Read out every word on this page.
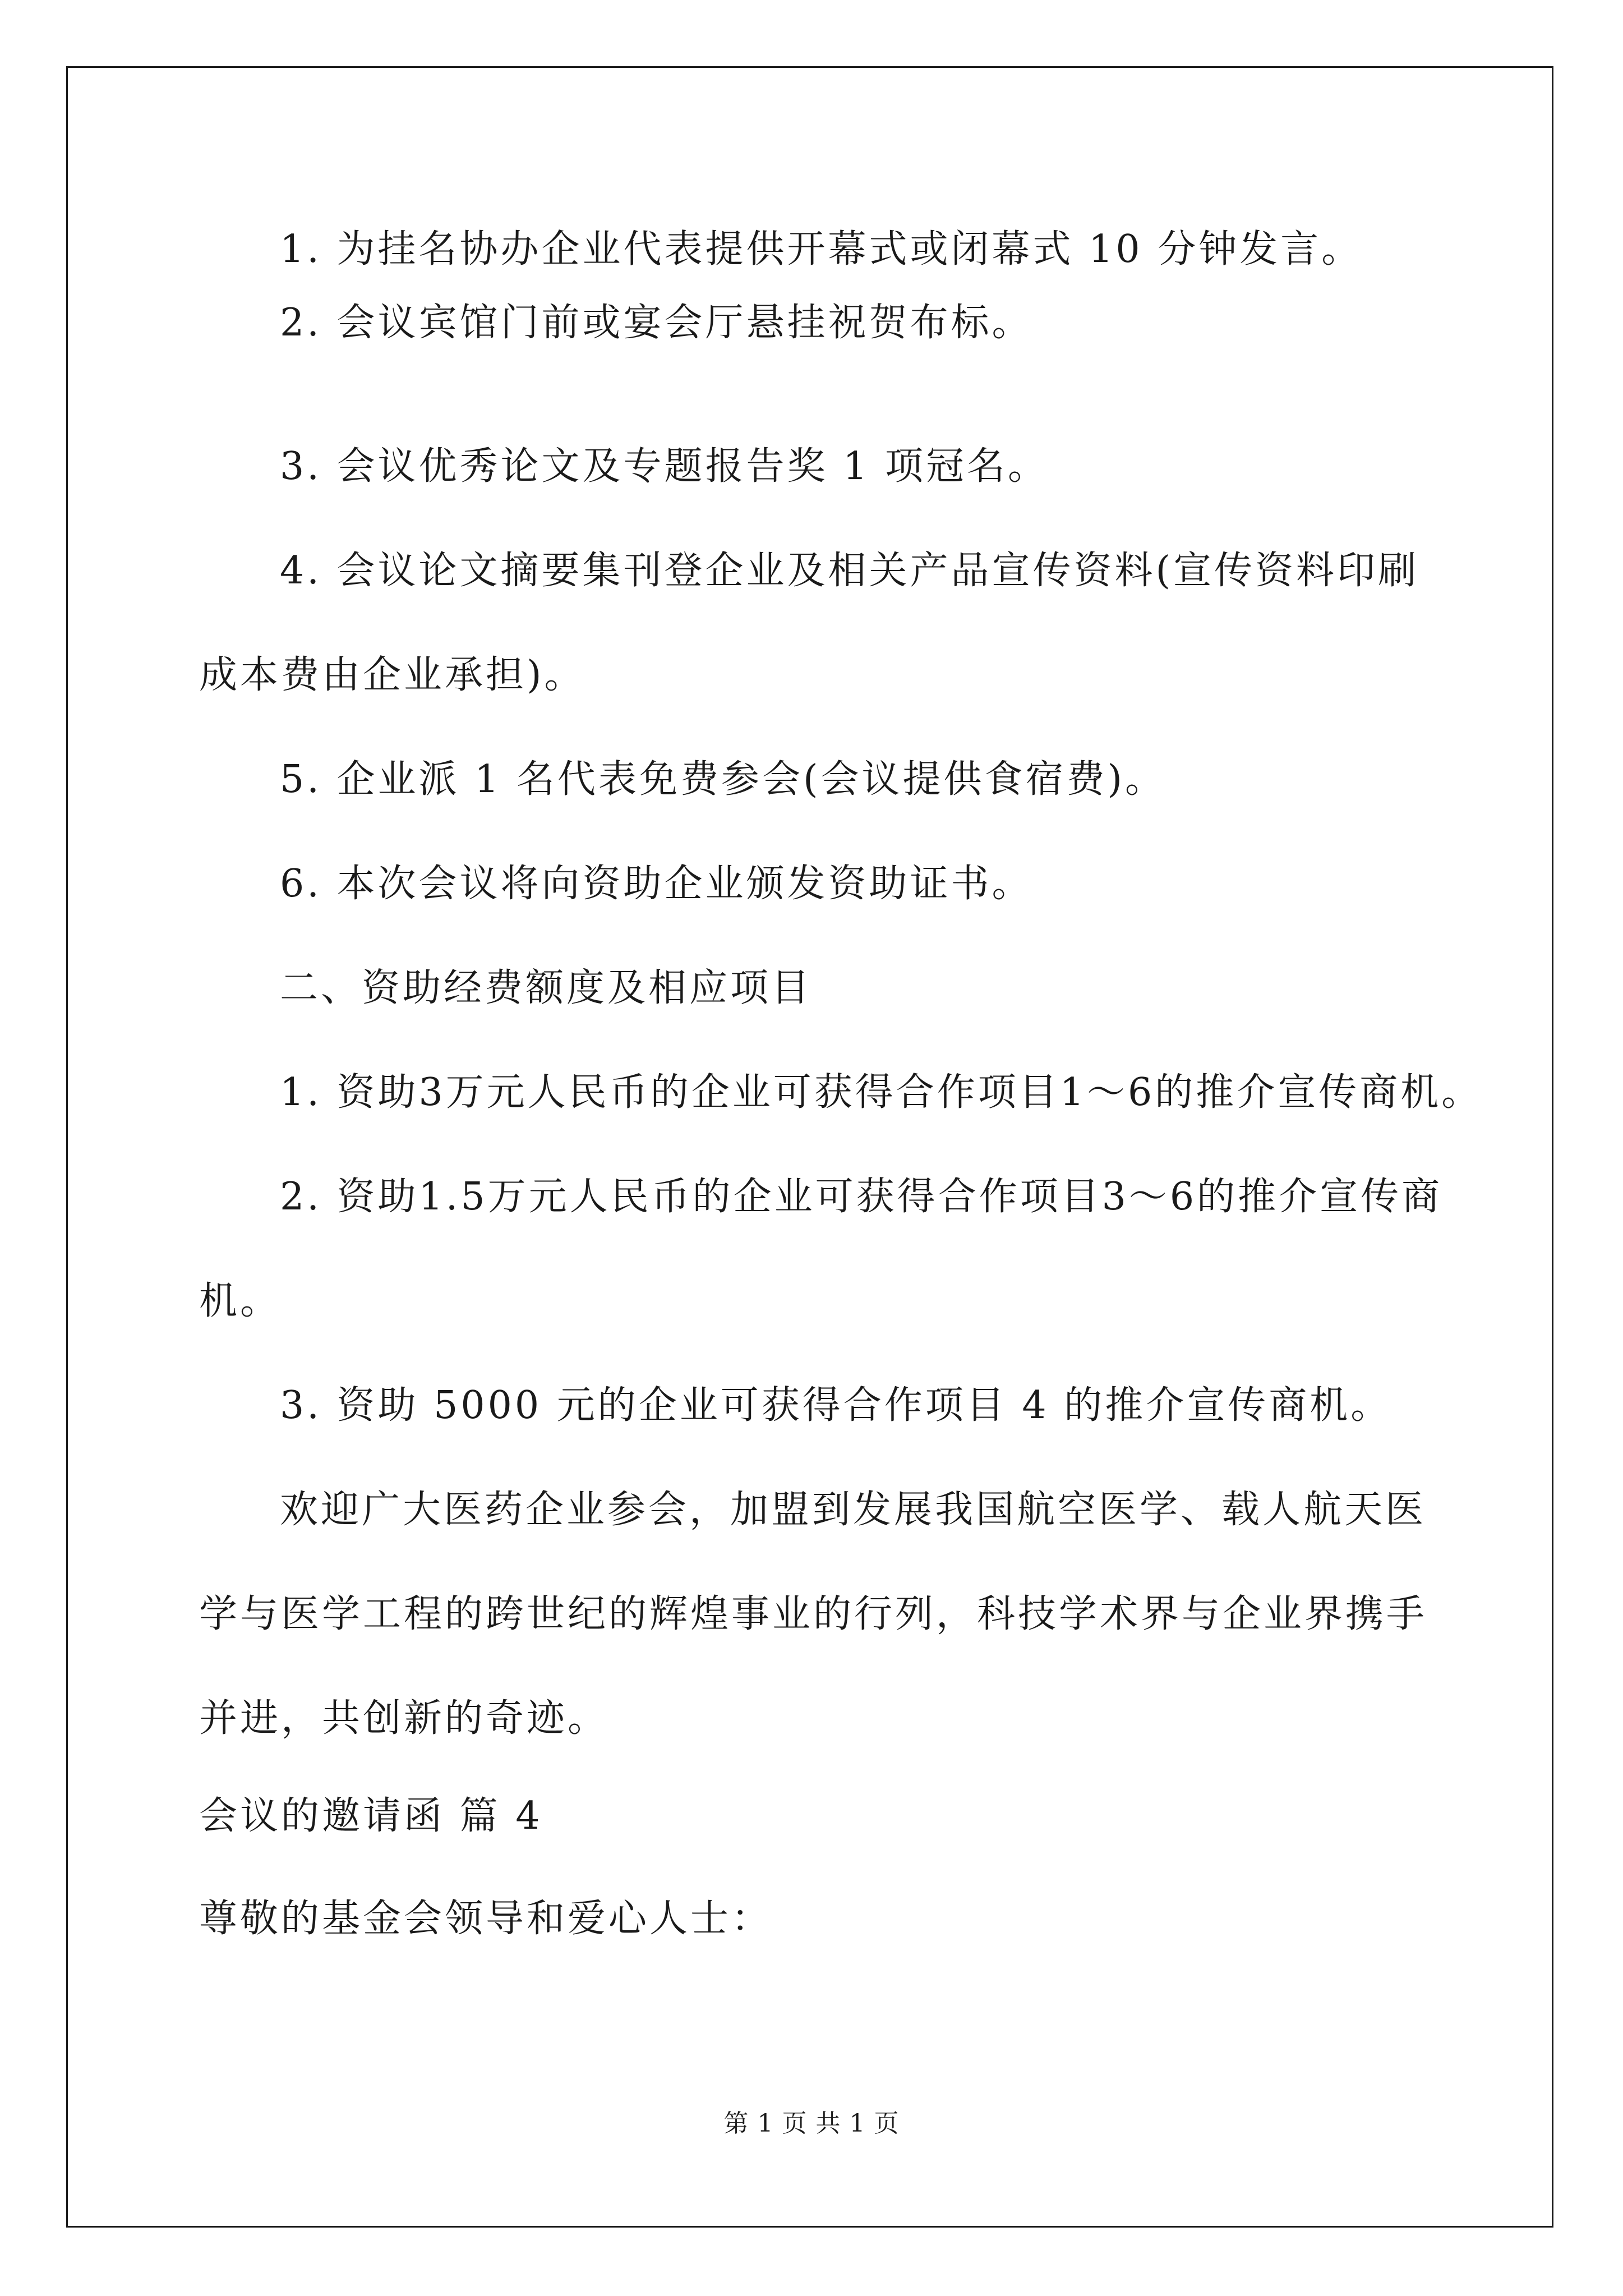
1. 为挂名协办企业代表提供开幕式或闭幕式 10 分钟发言。
2. 会议宾馆门前或宴会厅悬挂祝贺布标。
3. 会议优秀论文及专题报告奖 1 项冠名。
4. 会议论文摘要集刊登企业及相关产品宣传资料(宣传资料印刷
成本费由企业承担)。
5. 企业派 1 名代表免费参会(会议提供食宿费)。
6. 本次会议将向资助企业颁发资助证书。
二、资助经费额度及相应项目
1. 资助3万元人民币的企业可获得合作项目1～6的推介宣传商机。
2. 资助1.5万元人民币的企业可获得合作项目3～6的推介宣传商
机。
3. 资助 5000 元的企业可获得合作项目 4 的推介宣传商机。
欢迎广大医药企业参会，加盟到发展我国航空医学、载人航天医
学与医学工程的跨世纪的辉煌事业的行列，科技学术界与企业界携手
并进，共创新的奇迹。
会议的邀请函 篇 4
尊敬的基金会领导和爱心人士：
第 1 页 共 1 页
